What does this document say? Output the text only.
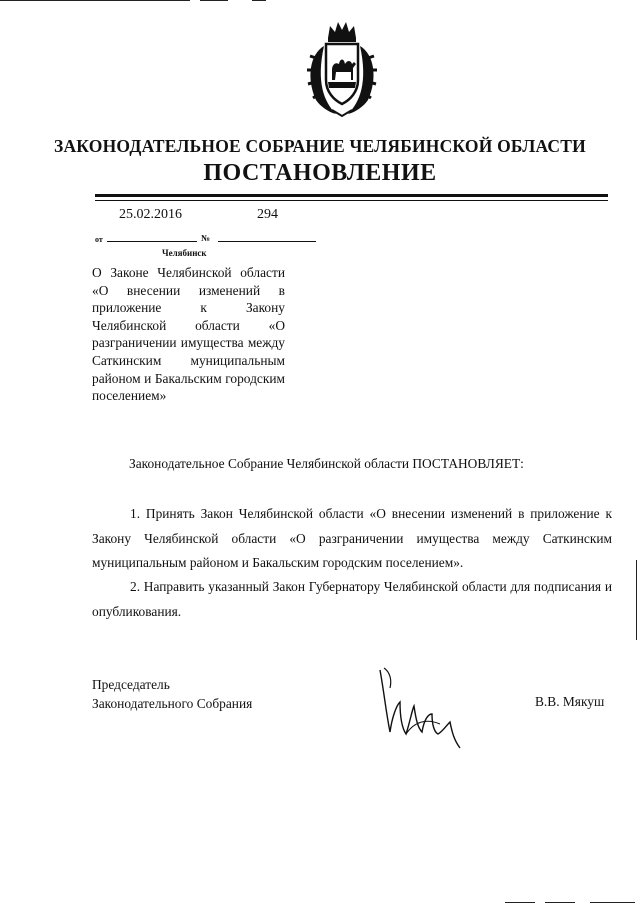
ЗАКОНОДАТЕЛЬНОЕ СОБРАНИЕ ЧЕЛЯБИНСКОЙ ОБЛАСТИ
ПОСТАНОВЛЕНИЕ
25.02.2016	294
от	№
Челябинск
О Законе Челябинской области «О внесении изменений в приложение к Закону Челябинской области «О разграничении имущества между Саткинским муниципальным районом и Бакальским городским поселением»
Законодательное Собрание Челябинской области ПОСТАНОВЛЯЕТ:
1. Принять Закон Челябинской области «О внесении изменений в приложение к Закону Челябинской области «О разграничении имущества между Саткинским муниципальным районом и Бакальским городским поселением».
2. Направить указанный Закон Губернатору Челябинской области для подписания и опубликования.
Председатель
Законодательного Собрания	В.В. Мякуш
